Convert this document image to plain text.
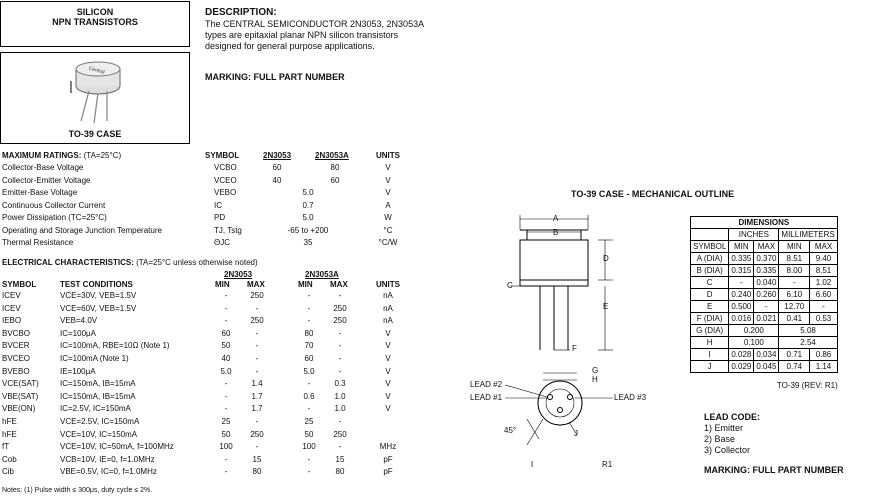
SILICON
NPN TRANSISTORS
Central
TO-39 CASE
DESCRIPTION:
The CENTRAL SEMICONDUCTOR 2N3053, 2N3053A
types are epitaxial planar NPN silicon transistors
designed for general purpose applications.
MARKING: FULL PART NUMBER
MAXIMUM RATINGS: (TA=25°C)	SYMBOL	2N3053	2N3053A	UNITS
Collector-Base Voltage	VCBO	60	80	V
Collector-Emitter Voltage	VCEO	40	60	V
Emitter-Base Voltage	VEBO	5.0	V
Continuous Collector Current	IC	0.7	A
Power Dissipation (TC=25°C)	PD	5.0	W
Operating and Storage Junction Temperature	TJ, Tstg	-65 to +200	°C
Thermal Resistance	ΘJC	35	°C/W
ELECTRICAL CHARACTERISTICS: (TA=25°C unless otherwise noted)
2N3053	2N3053A
SYMBOL	TEST CONDITIONS	MIN MAX	MIN MAX	UNITS
Notes: (1) Pulse width ≤ 300μs, duty cycle ≤ 2%.
ICEV	VCE=30V, VEB=1.5V	-	250	-	-	nA
ICEV	VCE=60V, VEB=1.5V	-	-	-	250	nA
IEBO	VEB=4.0V	-	250	-	250	nA
BVCBO	IC=100μA	60	-	80	-	V
BVCER	IC=100mA, RBE=10Ω (Note 1)	50	-	70	-	V
BVCEO	IC=100mA (Note 1)	40	-	60	-	V
BVEBO	IE=100μA	5.0	-	5.0	-	V
VCE(SAT)	IC=150mA, IB=15mA	-	1.4	-	0.3	V
VBE(SAT)	IC=150mA, IB=15mA	-	1.7	0.6	1.0	V
VBE(ON)	IC=2.5V, IC=150mA	-	1.7	-	1.0	V
hFE	VCE=2.5V, IC=150mA	25	-	25	-
hFE	VCE=10V, IC=150mA	50	250	50	250
fT	VCE=10V, IC=50mA, f=100MHz	100	-	100	-	MHz
Cob	VCB=10V, IE=0, f=1.0MHz	-	15	-	15	pF
Cib	VBE=0.5V, IC=0, f=1.0MHz	-	80	-	80	pF
TO-39 CASE - MECHANICAL OUTLINE
A
B
C
D
E
F
G
H
J
I
LEAD #2
LEAD #1	LEAD #3
45°
R1
DIMENSIONS				
	INCHES		MILLIMETERS	
SYMBOL	MIN	MAX	MIN	MAX
A (DIA)	0.335	0.370	8.51	9.40
B (DIA)	0.315	0.335	8.00	8.51
C	-	0.040	-	1.02
D	0.240	0.260	6.10	6.60
E	0.500	-	12.70	-
F (DIA)	0.016	0.021	0.41	0.53
G (DIA)	0.200		5.08	
H	0.100		2.54	
I	0.028	0.034	0.71	0.86
J	0.029	0.045	0.74	1.14
TO-39 (REV: R1)
LEAD CODE:
1) Emitter
2) Base
3) Collector
MARKING: FULL PART NUMBER
